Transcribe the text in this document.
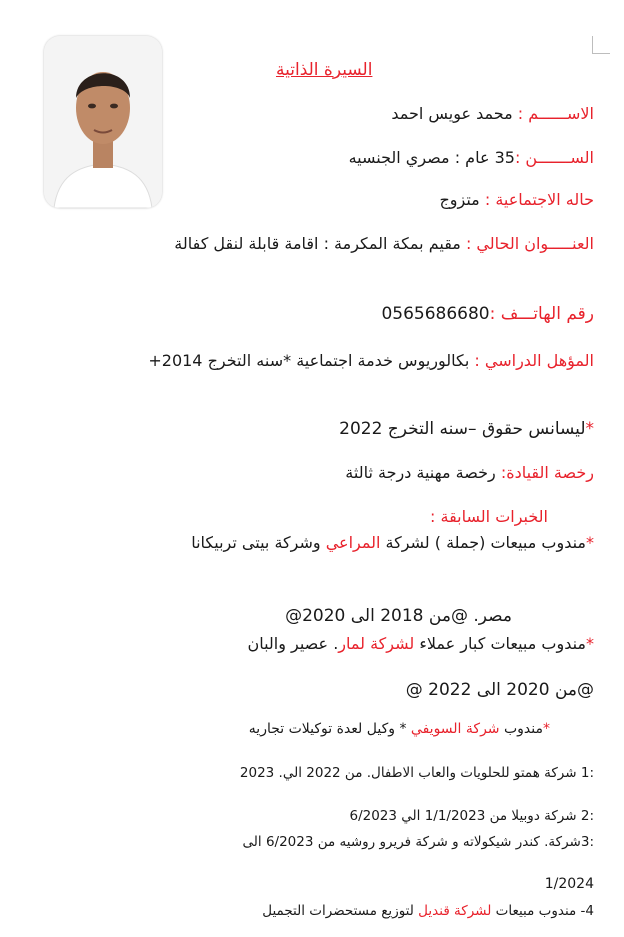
السيرة الذاتية
الاســــــم : محمد عويس احمد
الســـــــن :35 عام : مصري الجنسيه
حاله الاجتماعية : متزوج
العنـــــوان الحالي : مقيم بمكة المكرمة : اقامة قابلة لنقل كفالة
رقم الهاتـــف :0565686680
المؤهل الدراسي : بكالوريوس خدمة اجتماعية *سنه التخرج 2014+
*ليسانس حقوق –سنه التخرج 2022
رخصة القيادة: رخصة مهنية درجة ثالثة
الخبرات السابقة :
*مندوب مبيعات (جملة ) لشركة المراعي وشركة بيتى تربيكانا
مصر. @من 2018 الى 2020@
*مندوب مبيعات كبار عملاء لشركة لمار. عصير والبان
@من 2020 الى 2022 @
*مندوب شركة السويفي * وكيل لعدة توكيلات تجاريه
:1 شركة همتو للحلويات والعاب الاطفال. من 2022 الي. 2023
:2 شركة دوبيلا من 1/1/2023 الي 6/2023
:3شركة. كندر شيكولاته و شركة فريرو روشيه من 6/2023 الى
1/2024
4- مندوب مبيعات لشركة قنديل لتوزيع مستحضرات التجميل
